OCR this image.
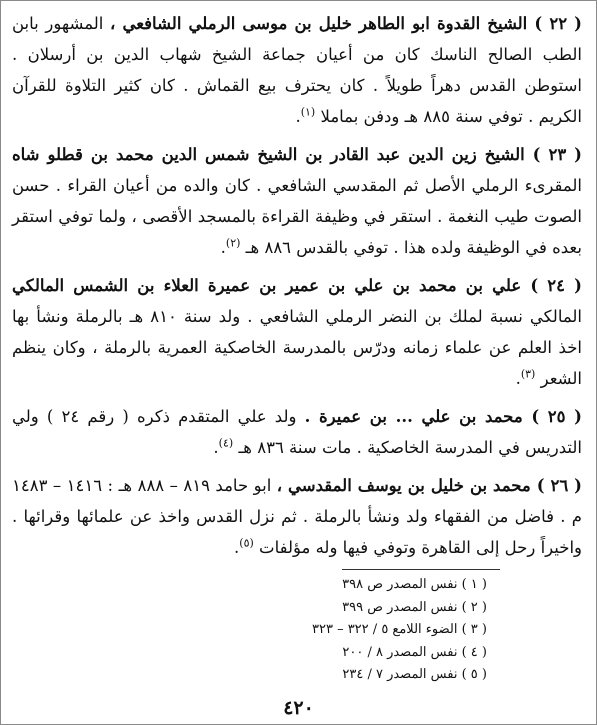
( ٢٢ ) الشيخ القدوة ابو الطاهر خليل بن موسى الرملي الشافعي ، المشهور بابن الطب الصالح الناسك كان من أعيان جماعة الشيخ شهاب الدين بن أرسلان . استوطن القدس دهراً طويلاً . كان يحترف بيع القماش . كان كثير التلاوة للقرآن الكريم . توفي سنة ٨٨٥ هـ ودفن بماملا $^{(١)}$.

( ٢٣ ) الشيخ زين الدين عبد القادر بن الشيخ شمس الدين محمد بن قطلو شاه المقرىء الرملي الأصل ثم المقدسي الشافعي . كان والده من أعيان القراء . حسن الصوت طيب النغمة . استقر في وظيفة القراءة بالمسجد الأقصى ، ولما توفي استقر بعده في الوظيفة ولده هذا . توفي بالقدس ٨٨٦ هـ $^{(٢)}$.

( ٢٤ ) علي بن محمد بن علي بن عمير بن عميرة العلاء بن الشمس المالكي المالكي نسبة لملك بن النضر الرملي الشافعي . ولد سنة ٨١٠ هـ بالرملة ونشأ بها اخذ العلم عن علماء زمانه ودرّس بالمدرسة الخاصكية العمرية بالرملة ، وكان ينظم الشعر $^{(٣)}$.

( ٢٥ ) محمد بن علي ... بن عميرة . ولد علي المتقدم ذكره ( رقم ٢٤ ) ولي التدريس في المدرسة الخاصكية . مات سنة ٨٣٦ هـ $^{(٤)}$.

( ٢٦ ) محمد بن خليل بن يوسف المقدسي ، ابو حامد ٨١٩ – ٨٨٨ هـ : ١٤١٦ – ١٤٨٣ م . فاضل من الفقهاء ولد ونشأ بالرملة . ثم نزل القدس واخذ عن علمائها وقرائها . واخيراً رحل إلى القاهرة وتوفي فيها وله مؤلفات $^{(٥)}$.

( ١ ) نفس المصدر ص ٣٩٨
( ٢ ) نفس المصدر ص ٣٩٩
( ٣ ) الضوء اللامع ٥ / ٣٢٢ – ٣٢٣
( ٤ ) نفس المصدر ٨ / ٢٠٠
( ٥ ) نفس المصدر ٧ / ٢٣٤
٤٢٠
